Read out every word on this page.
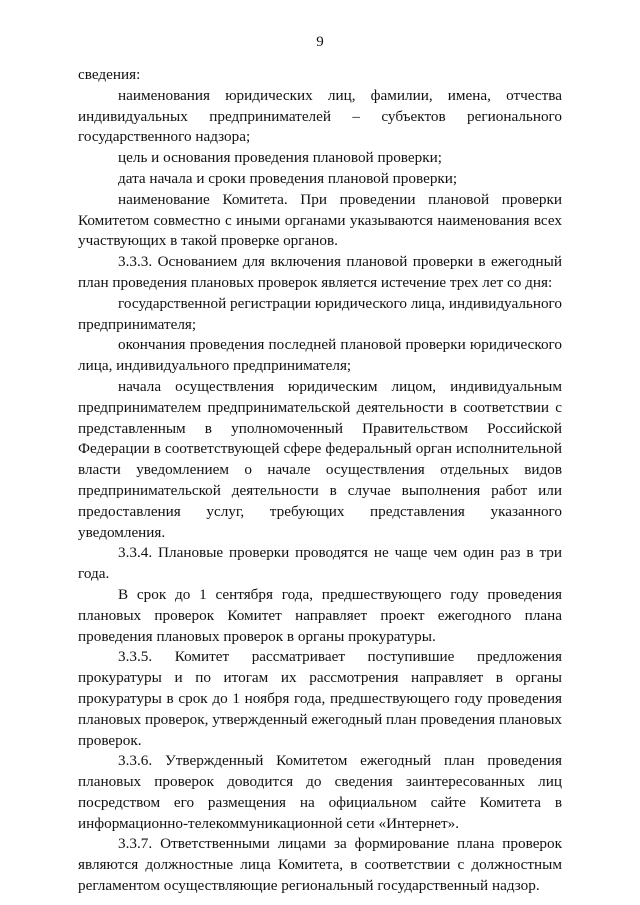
9

сведения:

наименования юридических лиц, фамилии, имена, отчества индивидуальных предпринимателей – субъектов регионального государственного надзора;

цель и основания проведения плановой проверки;

дата начала и сроки проведения плановой проверки;

наименование Комитета. При проведении плановой проверки Комитетом совместно с иными органами указываются наименования всех участвующих в такой проверке органов.

3.3.3. Основанием для включения плановой проверки в ежегодный план проведения плановых проверок является истечение трех лет со дня:

государственной регистрации юридического лица, индивидуального предпринимателя;

окончания проведения последней плановой проверки юридического лица, индивидуального предпринимателя;

начала осуществления юридическим лицом, индивидуальным предпринимателем предпринимательской деятельности в соответствии с представленным в уполномоченный Правительством Российской Федерации в соответствующей сфере федеральный орган исполнительной власти уведомлением о начале осуществления отдельных видов предпринимательской деятельности в случае выполнения работ или предоставления услуг, требующих представления указанного уведомления.

3.3.4. Плановые проверки проводятся не чаще чем один раз в три года.

В срок до 1 сентября года, предшествующего году проведения плановых проверок Комитет направляет проект ежегодного плана проведения плановых проверок в органы прокуратуры.

3.3.5. Комитет рассматривает поступившие предложения прокуратуры и по итогам их рассмотрения направляет в органы прокуратуры в срок до 1 ноября года, предшествующего году проведения плановых проверок, утвержденный ежегодный план проведения плановых проверок.

3.3.6. Утвержденный Комитетом ежегодный план проведения плановых проверок доводится до сведения заинтересованных лиц посредством его размещения на официальном сайте Комитета в информационно-телекоммуникационной сети «Интернет».

3.3.7. Ответственными лицами за формирование плана проверок являются должностные лица Комитета, в соответствии с должностным регламентом осуществляющие региональный государственный надзор.
